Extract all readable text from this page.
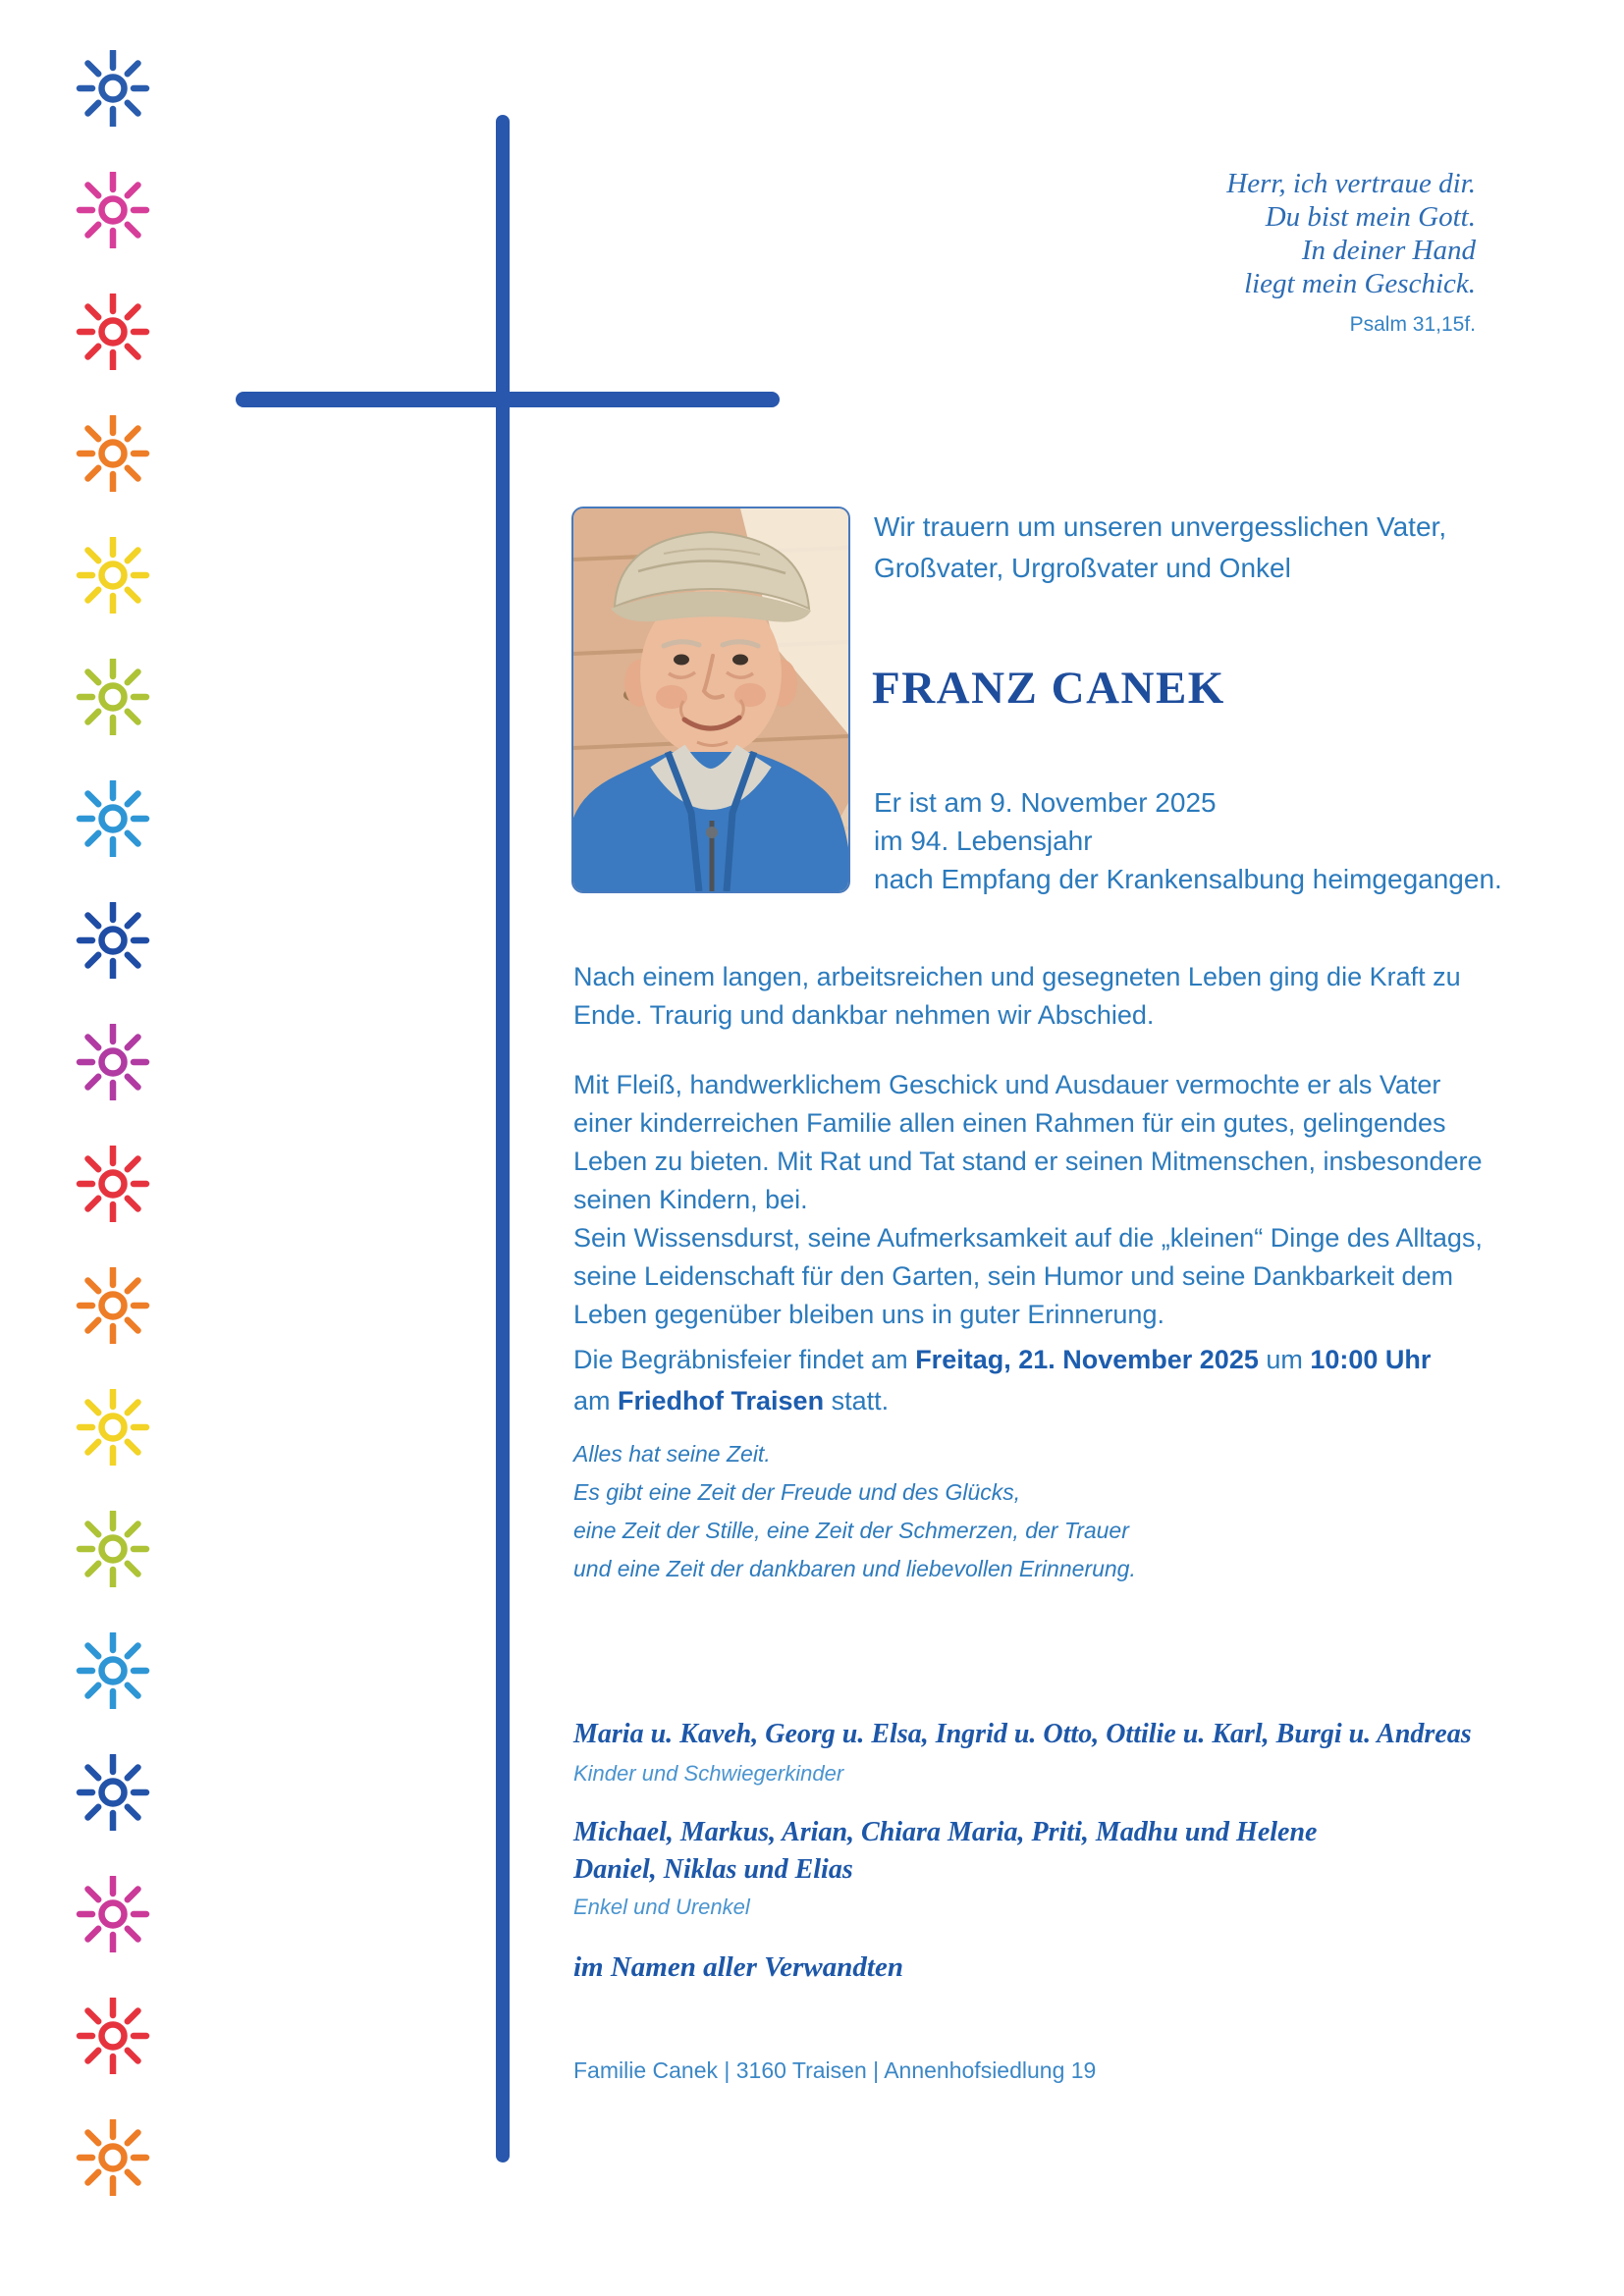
Herr, ich vertraue dir.
Du bist mein Gott.
In deiner Hand
liegt mein Geschick.
Psalm 31,15f.
Wir trauern um unseren unvergesslichen Vater,
Großvater, Urgroßvater und Onkel
FRANZ CANEK
Er ist am 9. November 2025
im 94. Lebensjahr
nach Empfang der Krankensalbung heimgegangen.
Nach einem langen, arbeitsreichen und gesegneten Leben ging die Kraft zu
Ende. Traurig und dankbar nehmen wir Abschied.
Mit Fleiß, handwerklichem Geschick und Ausdauer vermochte er als Vater
einer kinderreichen Familie allen einen Rahmen für ein gutes, gelingendes
Leben zu bieten. Mit Rat und Tat stand er seinen Mitmenschen, insbesondere
seinen Kindern, bei.
Sein Wissensdurst, seine Aufmerksamkeit auf die „kleinen“ Dinge des Alltags,
seine Leidenschaft für den Garten, sein Humor und seine Dankbarkeit dem
Leben gegenüber bleiben uns in guter Erinnerung.
Die Begräbnisfeier findet am Freitag, 21. November 2025 um 10:00 Uhr
am Friedhof Traisen statt.
Alles hat seine Zeit.
Es gibt eine Zeit der Freude und des Glücks,
eine Zeit der Stille, eine Zeit der Schmerzen, der Trauer
und eine Zeit der dankbaren und liebevollen Erinnerung.
Maria u. Kaveh, Georg u. Elsa, Ingrid u. Otto, Ottilie u. Karl, Burgi u. Andreas
Kinder und Schwiegerkinder
Michael, Markus, Arian, Chiara Maria, Priti, Madhu und Helene
Daniel, Niklas und Elias
Enkel und Urenkel
im Namen aller Verwandten
Familie Canek | 3160 Traisen | Annenhofsiedlung 19
